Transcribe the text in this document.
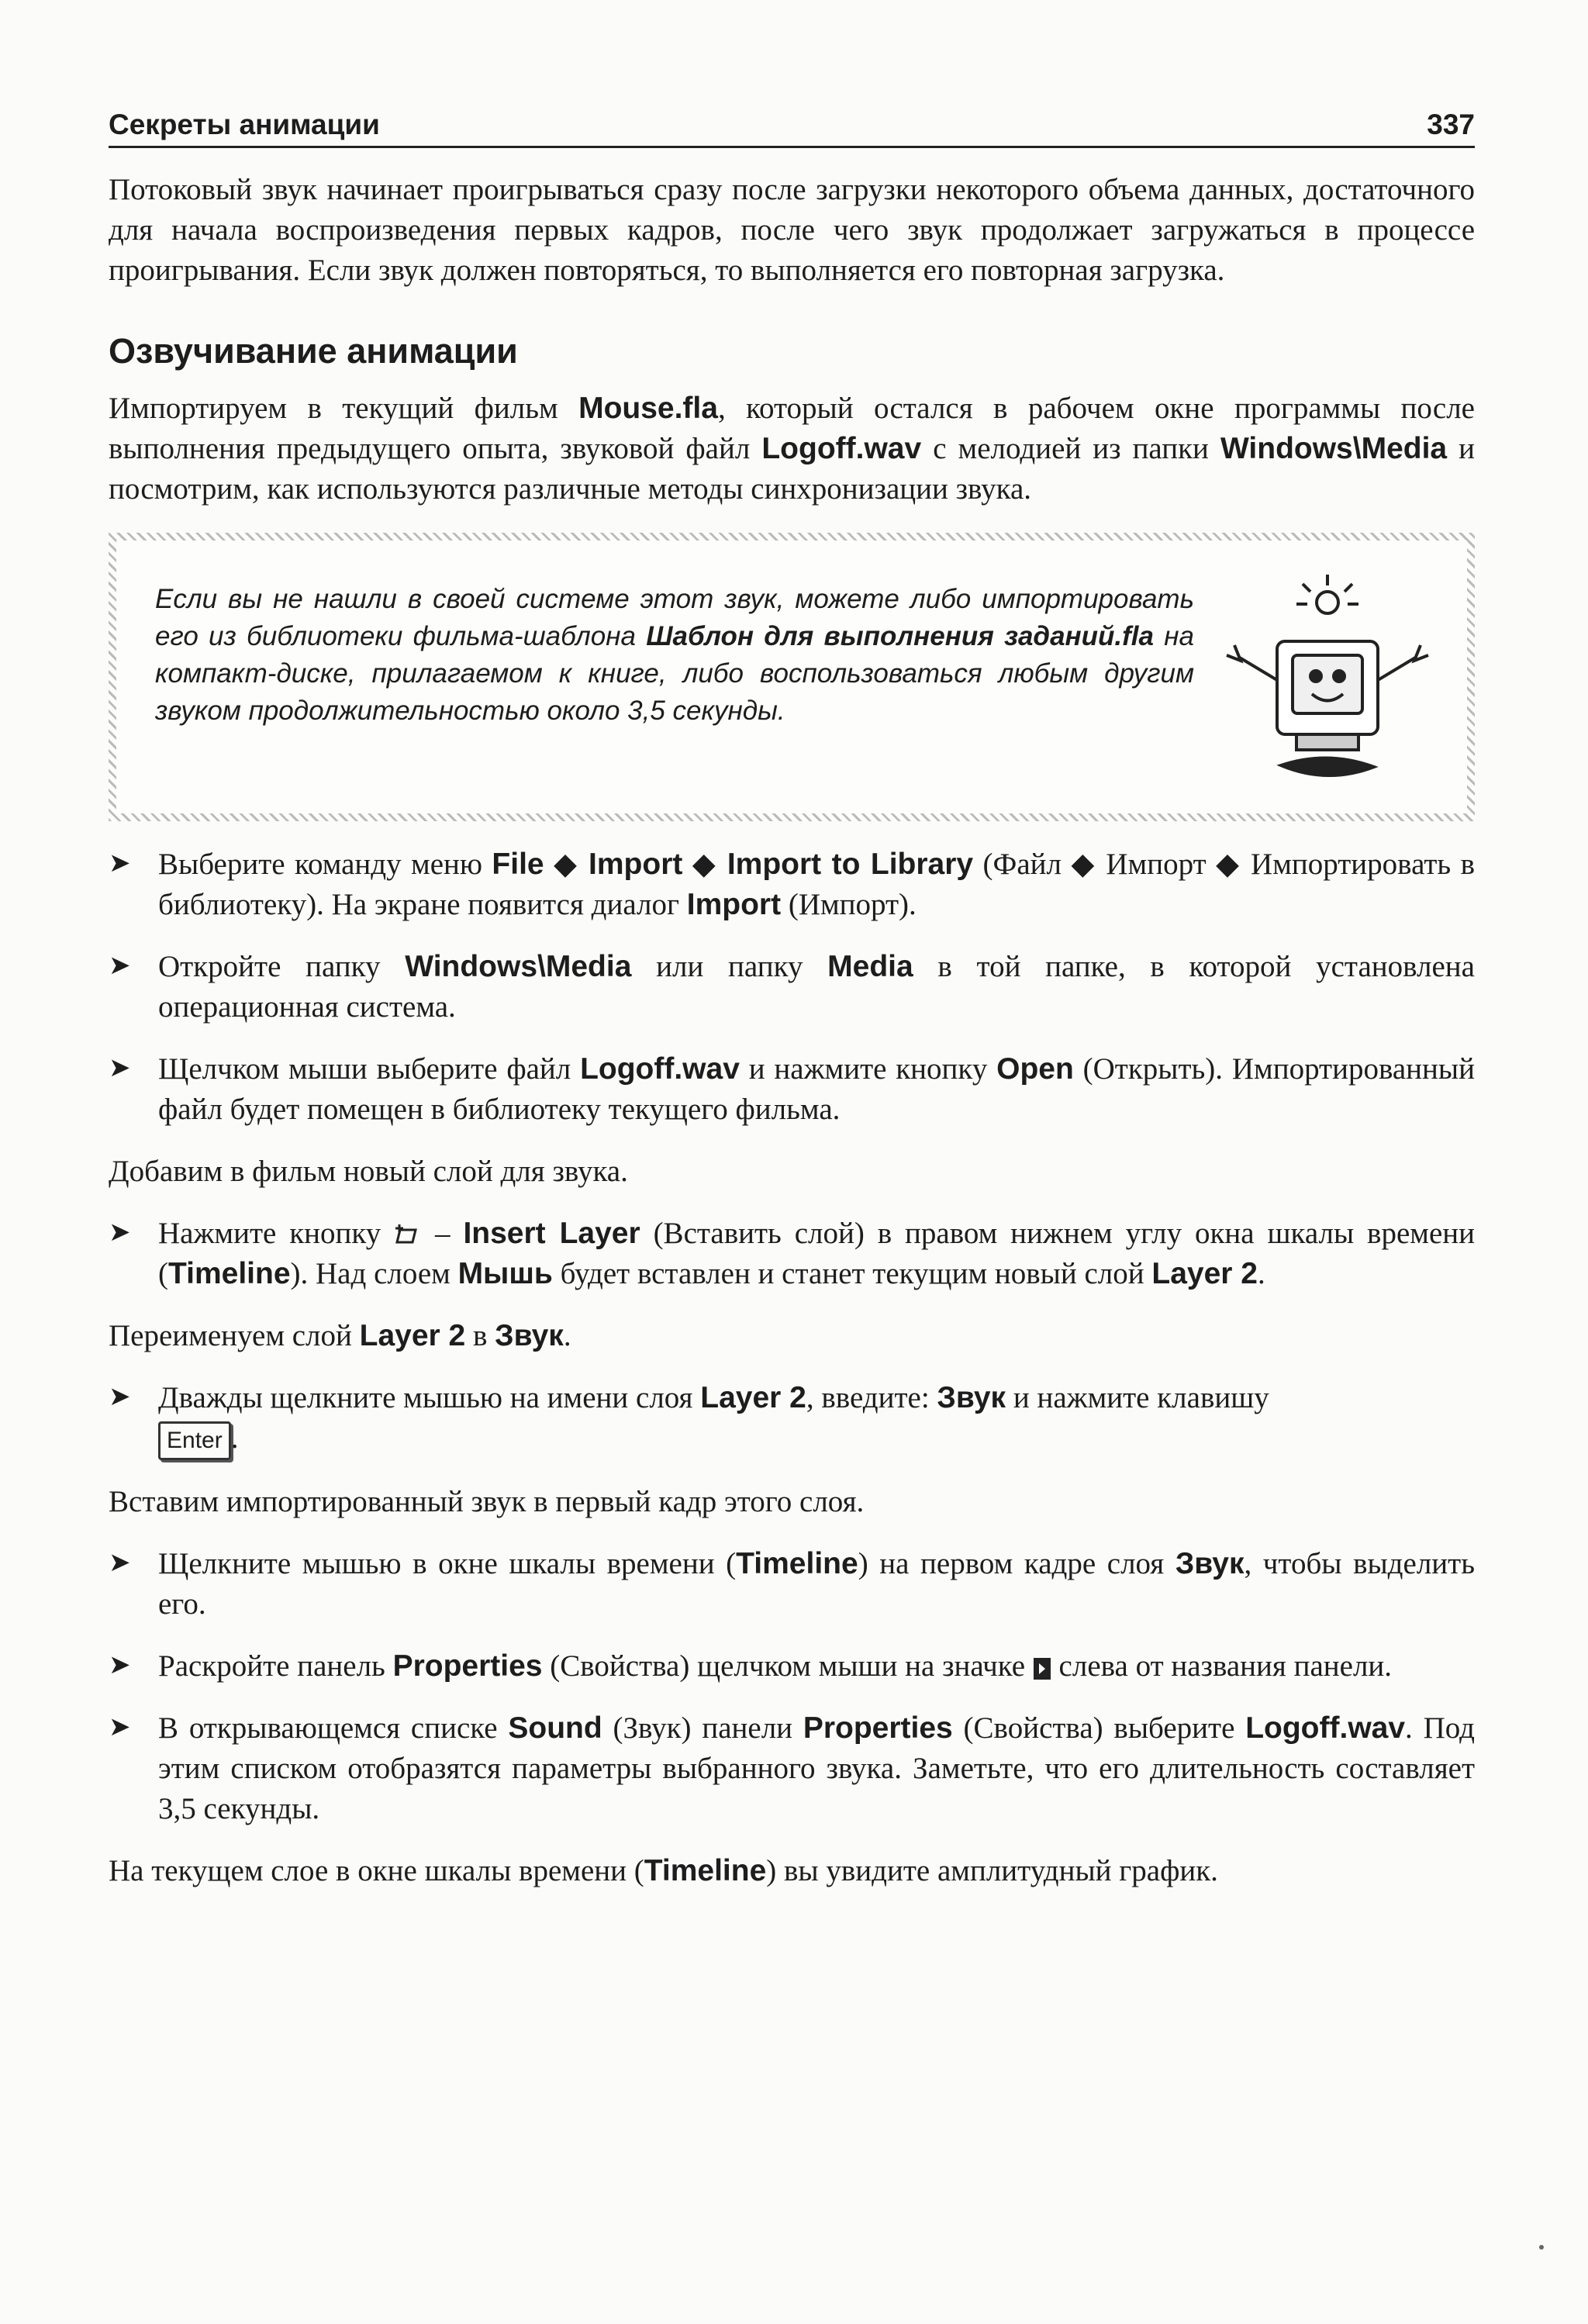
Секреты анимации	337

Потоковый звук начинает проигрываться сразу после загрузки некоторого объема данных, достаточного для начала воспроизведения первых кадров, после чего звук продолжает загружаться в процессе проигрывания. Если звук должен повторяться, то выполняется его повторная загрузка.

Озвучивание анимации

Импортируем в текущий фильм Mouse.fla, который остался в рабочем окне программы после выполнения предыдущего опыта, звуковой файл Logoff.wav с мелодией из папки Windows\Media и посмотрим, как используются различные методы синхронизации звука.

Если вы не нашли в своей системе этот звук, можете либо импортировать его из библиотеки фильма-шаблона Шаблон для выполнения заданий.fla на компакт-диске, прилагаемом к книге, либо воспользоваться любым другим звуком продолжительностью около 3,5 секунды.
➤ Выберите команду меню File ◆ Import ◆ Import to Library (Файл ◆ Импорт ◆ Импортировать в библиотеку). На экране появится диалог Import (Импорт).

➤ Откройте папку Windows\Media или папку Media в той папке, в которой установлена операционная система.

➤ Щелчком мыши выберите файл Logoff.wav и нажмите кнопку Open (Открыть). Импортированный файл будет помещен в библиотеку текущего фильма.

Добавим в фильм новый слой для звука.

➤ Нажмите кнопку  – Insert Layer (Вставить слой) в правом нижнем углу окна шкалы времени (Timeline). Над слоем Мышь будет вставлен и станет текущим новый слой Layer 2.

Переименуем слой Layer 2 в Звук.

➤ Дважды щелкните мышью на имени слоя Layer 2, введите: Звук и нажмите клавишу
Enter .

Вставим импортированный звук в первый кадр этого слоя.

➤ Щелкните мышью в окне шкалы времени (Timeline) на первом кадре слоя Звук, чтобы выделить его.

➤ Раскройте панель Properties (Свойства) щелчком мыши на значке  слева от названия панели.

➤ В открывающемся списке Sound (Звук) панели Properties (Свойства) выберите Logoff.wav. Под этим списком отобразятся параметры выбранного звука. Заметьте, что его длительность составляет 3,5 секунды.

На текущем слое в окне шкалы времени (Timeline) вы увидите амплитудный график.
